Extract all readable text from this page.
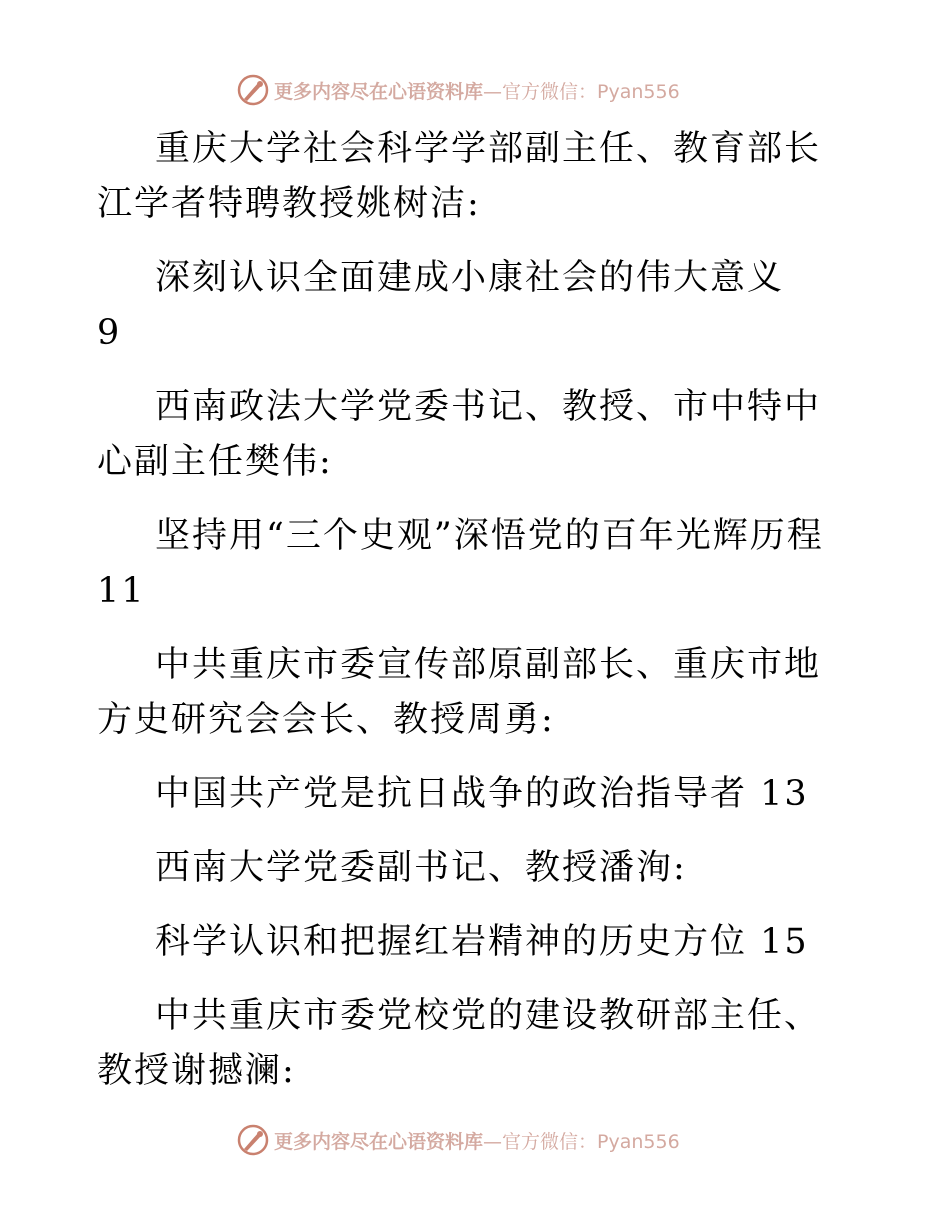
更多内容尽在心语资料库 —官方微信：Pyan556

重庆大学社会科学学部副主任、教育部长江学者特聘教授姚树洁:

深刻认识全面建成小康社会的伟大意义　9

西南政法大学党委书记、教授、市中特中心副主任樊伟:

坚持用“三个史观”深悟党的百年光辉历程 11

中共重庆市委宣传部原副部长、重庆市地方史研究会会长、教授周勇:

中国共产党是抗日战争的政治指导者 13

西南大学党委副书记、教授潘洵:

科学认识和把握红岩精神的历史方位 15

中共重庆市委党校党的建设教研部主任、教授谢撼澜:

更多内容尽在心语资料库 —官方微信：Pyan556
